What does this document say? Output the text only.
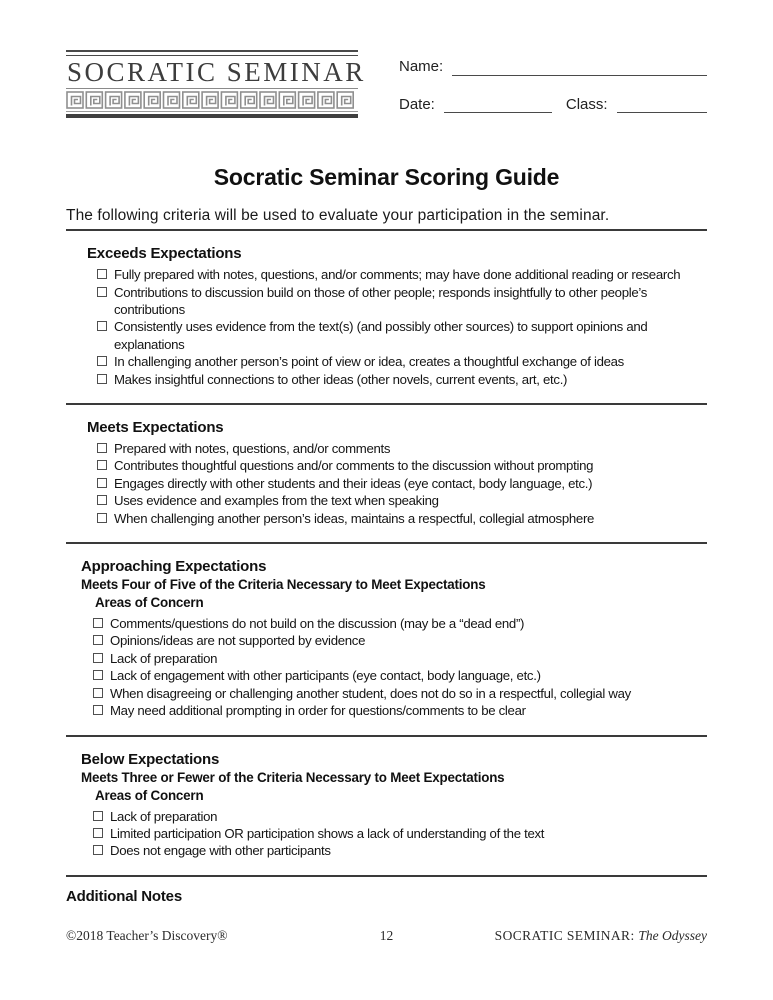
SOCRATIC SEMINAR Name:
Date:	Class:
Socratic Seminar Scoring Guide
The following criteria will be used to evaluate your participation in the seminar.
Exceeds Expectations
Fully prepared with notes, questions, and/or comments; may have done additional reading or research
Contributions to discussion build on those of other people; responds insightfully to other people’s contributions
Consistently uses evidence from the text(s) (and possibly other sources) to support opinions and explanations
In challenging another person’s point of view or idea, creates a thoughtful exchange of ideas
Makes insightful connections to other ideas (other novels, current events, art, etc.)
Meets Expectations
Prepared with notes, questions, and/or comments
Contributes thoughtful questions and/or comments to the discussion without prompting
Engages directly with other students and their ideas (eye contact, body language, etc.)
Uses evidence and examples from the text when speaking
When challenging another person’s ideas, maintains a respectful, collegial atmosphere
Approaching Expectations
Meets Four of Five of the Criteria Necessary to Meet Expectations
Areas of Concern
Comments/questions do not build on the discussion (may be a “dead end”)
Opinions/ideas are not supported by evidence
Lack of preparation
Lack of engagement with other participants (eye contact, body language, etc.)
When disagreeing or challenging another student, does not do so in a respectful, collegial way
May need additional prompting in order for questions/comments to be clear
Below Expectations
Meets Three or Fewer of the Criteria Necessary to Meet Expectations
Areas of Concern
Lack of preparation
Limited participation OR participation shows a lack of understanding of the text
Does not engage with other participants
Additional Notes
©2018 Teacher’s Discovery®	12	SOCRATIC SEMINAR: The Odyssey
